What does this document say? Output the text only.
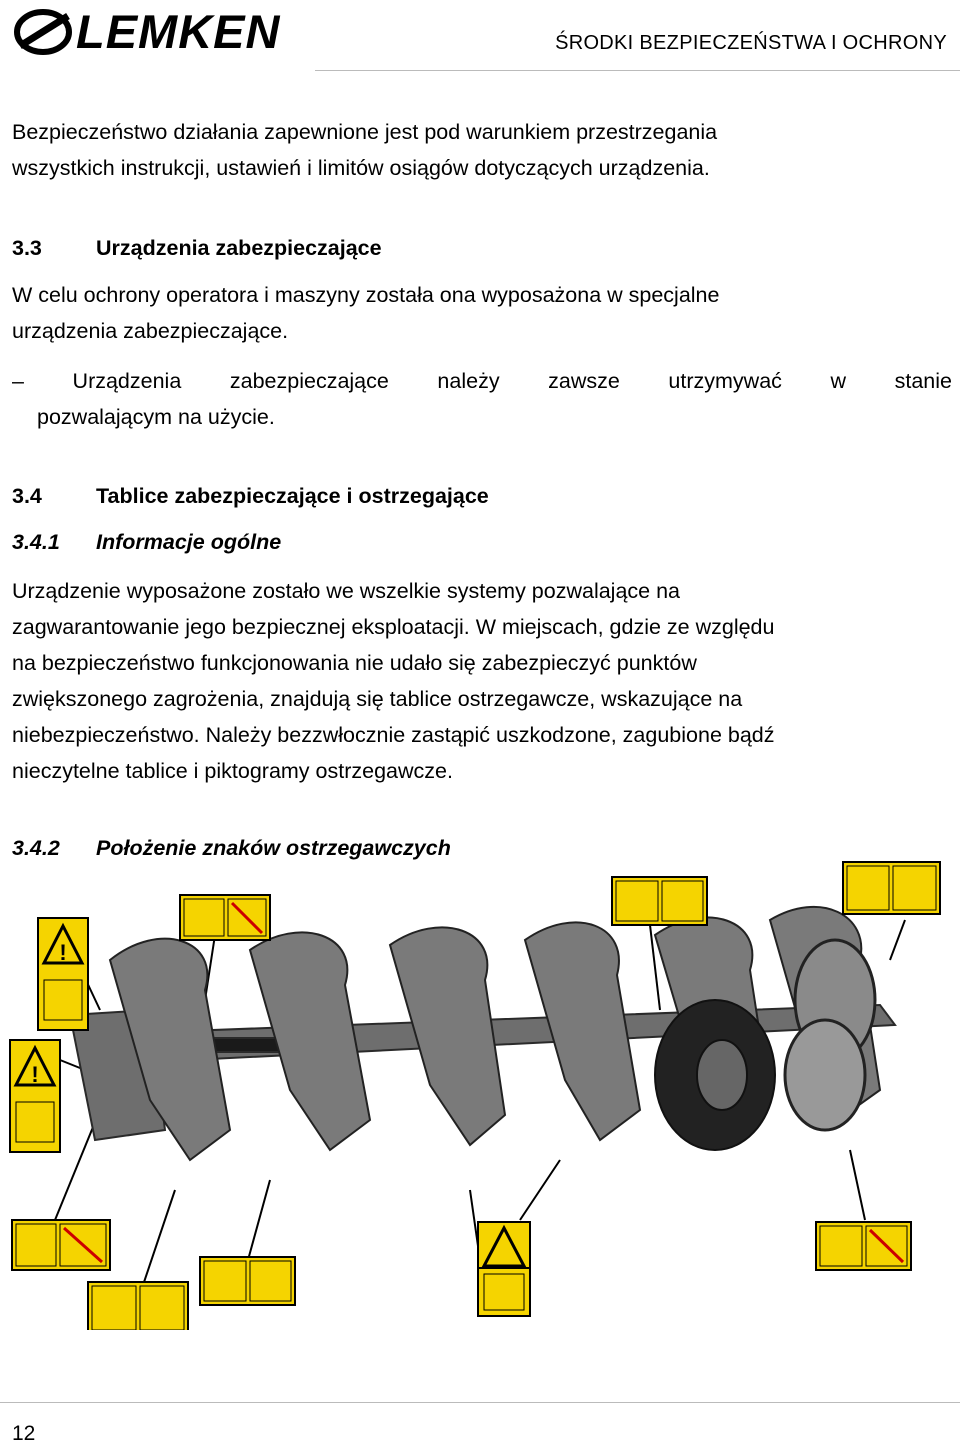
LEMKEN	ŚRODKI BEZPIECZEŃSTWA I OCHRONY
Bezpieczeństwo działania zapewnione jest pod warunkiem przestrzegania
wszystkich instrukcji, ustawień i limitów osiągów dotyczących urządzenia.
3.3	Urządzenia zabezpieczające
W celu ochrony operatora i maszyny została ona wyposażona w specjalne
urządzenia zabezpieczające.
– Urządzenia zabezpieczające należy zawsze utrzymywać w stanie
pozwalającym na użycie.
3.4	Tablice zabezpieczające i ostrzegające
3.4.1 Informacje ogólne
Urządzenie wyposażone zostało we wszelkie systemy pozwalające na
zagwarantowanie jego bezpiecznej eksploatacji. W miejscach, gdzie ze względu
na bezpieczeństwo funkcjonowania nie udało się zabezpieczyć punktów
zwiększonego zagrożenia, znajdują się tablice ostrzegawcze, wskazujące na
niebezpieczeństwo. Należy bezzwłocznie zastąpić uszkodzone, zagubione bądź
nieczytelne tablice i piktogramy ostrzegawcze.
3.4.2 Położenie znaków ostrzegawczych
!
!
12
